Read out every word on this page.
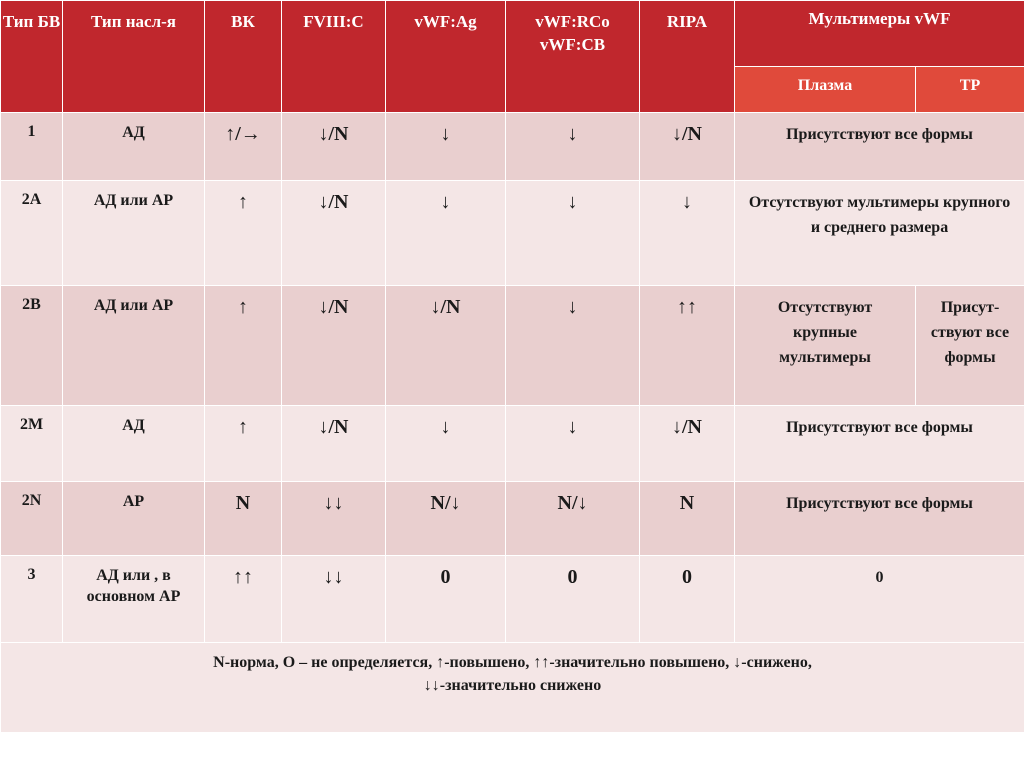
Тип БВ	Тип насл-я	ВК	FVIII:C	vWF:Ag	vWF:RCo vWF:CB	RIPA	Мультимеры vWF	
							Плазма	ТР
1	АД	↑/→	↓/N	↓	↓	↓/N	Присутствуют все формы	
2A	АД или АР	↑	↓/N	↓	↓	↓	Отсутствуют мультимеры крупного и среднего размера	
2B	АД или АР	↑	↓/N	↓/N	↓	↑↑	Отсутствуют крупные мультимеры	Присут-ствуют все формы
2M	АД	↑	↓/N	↓	↓	↓/N	Присутствуют все формы	
2N	АР	N	↓↓	N/↓	N/↓	N	Присутствуют все формы	
3	АД или , в основном АР	↑↑	↓↓	0	0	0	0	

N-норма, О – не определяется, ↑-повышено, ↑↑-значительно повышено, ↓-снижено,
↓↓-значительно снижено								
